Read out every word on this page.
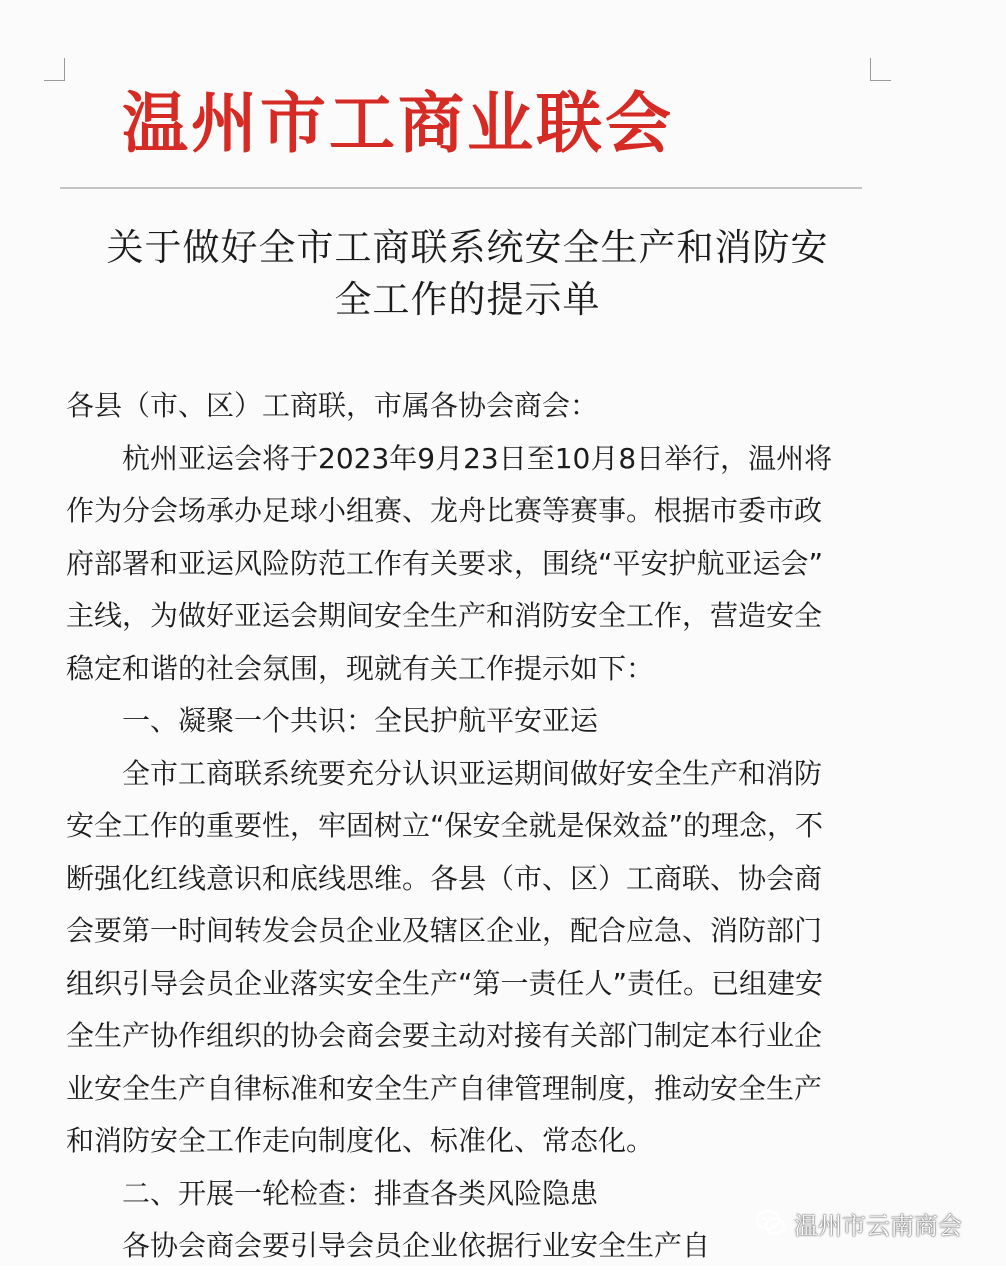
温州市工商业联会
关于做好全市工商联系统安全生产和消防安
全工作的提示单

各县（市、区）工商联，市属各协会商会：

杭州亚运会将于2023年9月23日至10月8日举行，温州将
作为分会场承办足球小组赛、龙舟比赛等赛事。根据市委市政
府部署和亚运风险防范工作有关要求，围绕“平安护航亚运会”
主线，为做好亚运会期间安全生产和消防安全工作，营造安全
稳定和谐的社会氛围，现就有关工作提示如下：

一、凝聚一个共识：全民护航平安亚运

全市工商联系统要充分认识亚运期间做好安全生产和消防
安全工作的重要性，牢固树立“保安全就是保效益”的理念，不
断强化红线意识和底线思维。各县（市、区）工商联、协会商
会要第一时间转发会员企业及辖区企业，配合应急、消防部门
组织引导会员企业落实安全生产“第一责任人”责任。已组建安
全生产协作组织的协会商会要主动对接有关部门制定本行业企
业安全生产自律标准和安全生产自律管理制度，推动安全生产
和消防安全工作走向制度化、标准化、常态化。

二、开展一轮检查：排查各类风险隐患

各协会商会要引导会员企业依据行业安全生产自

温州市云南商会
